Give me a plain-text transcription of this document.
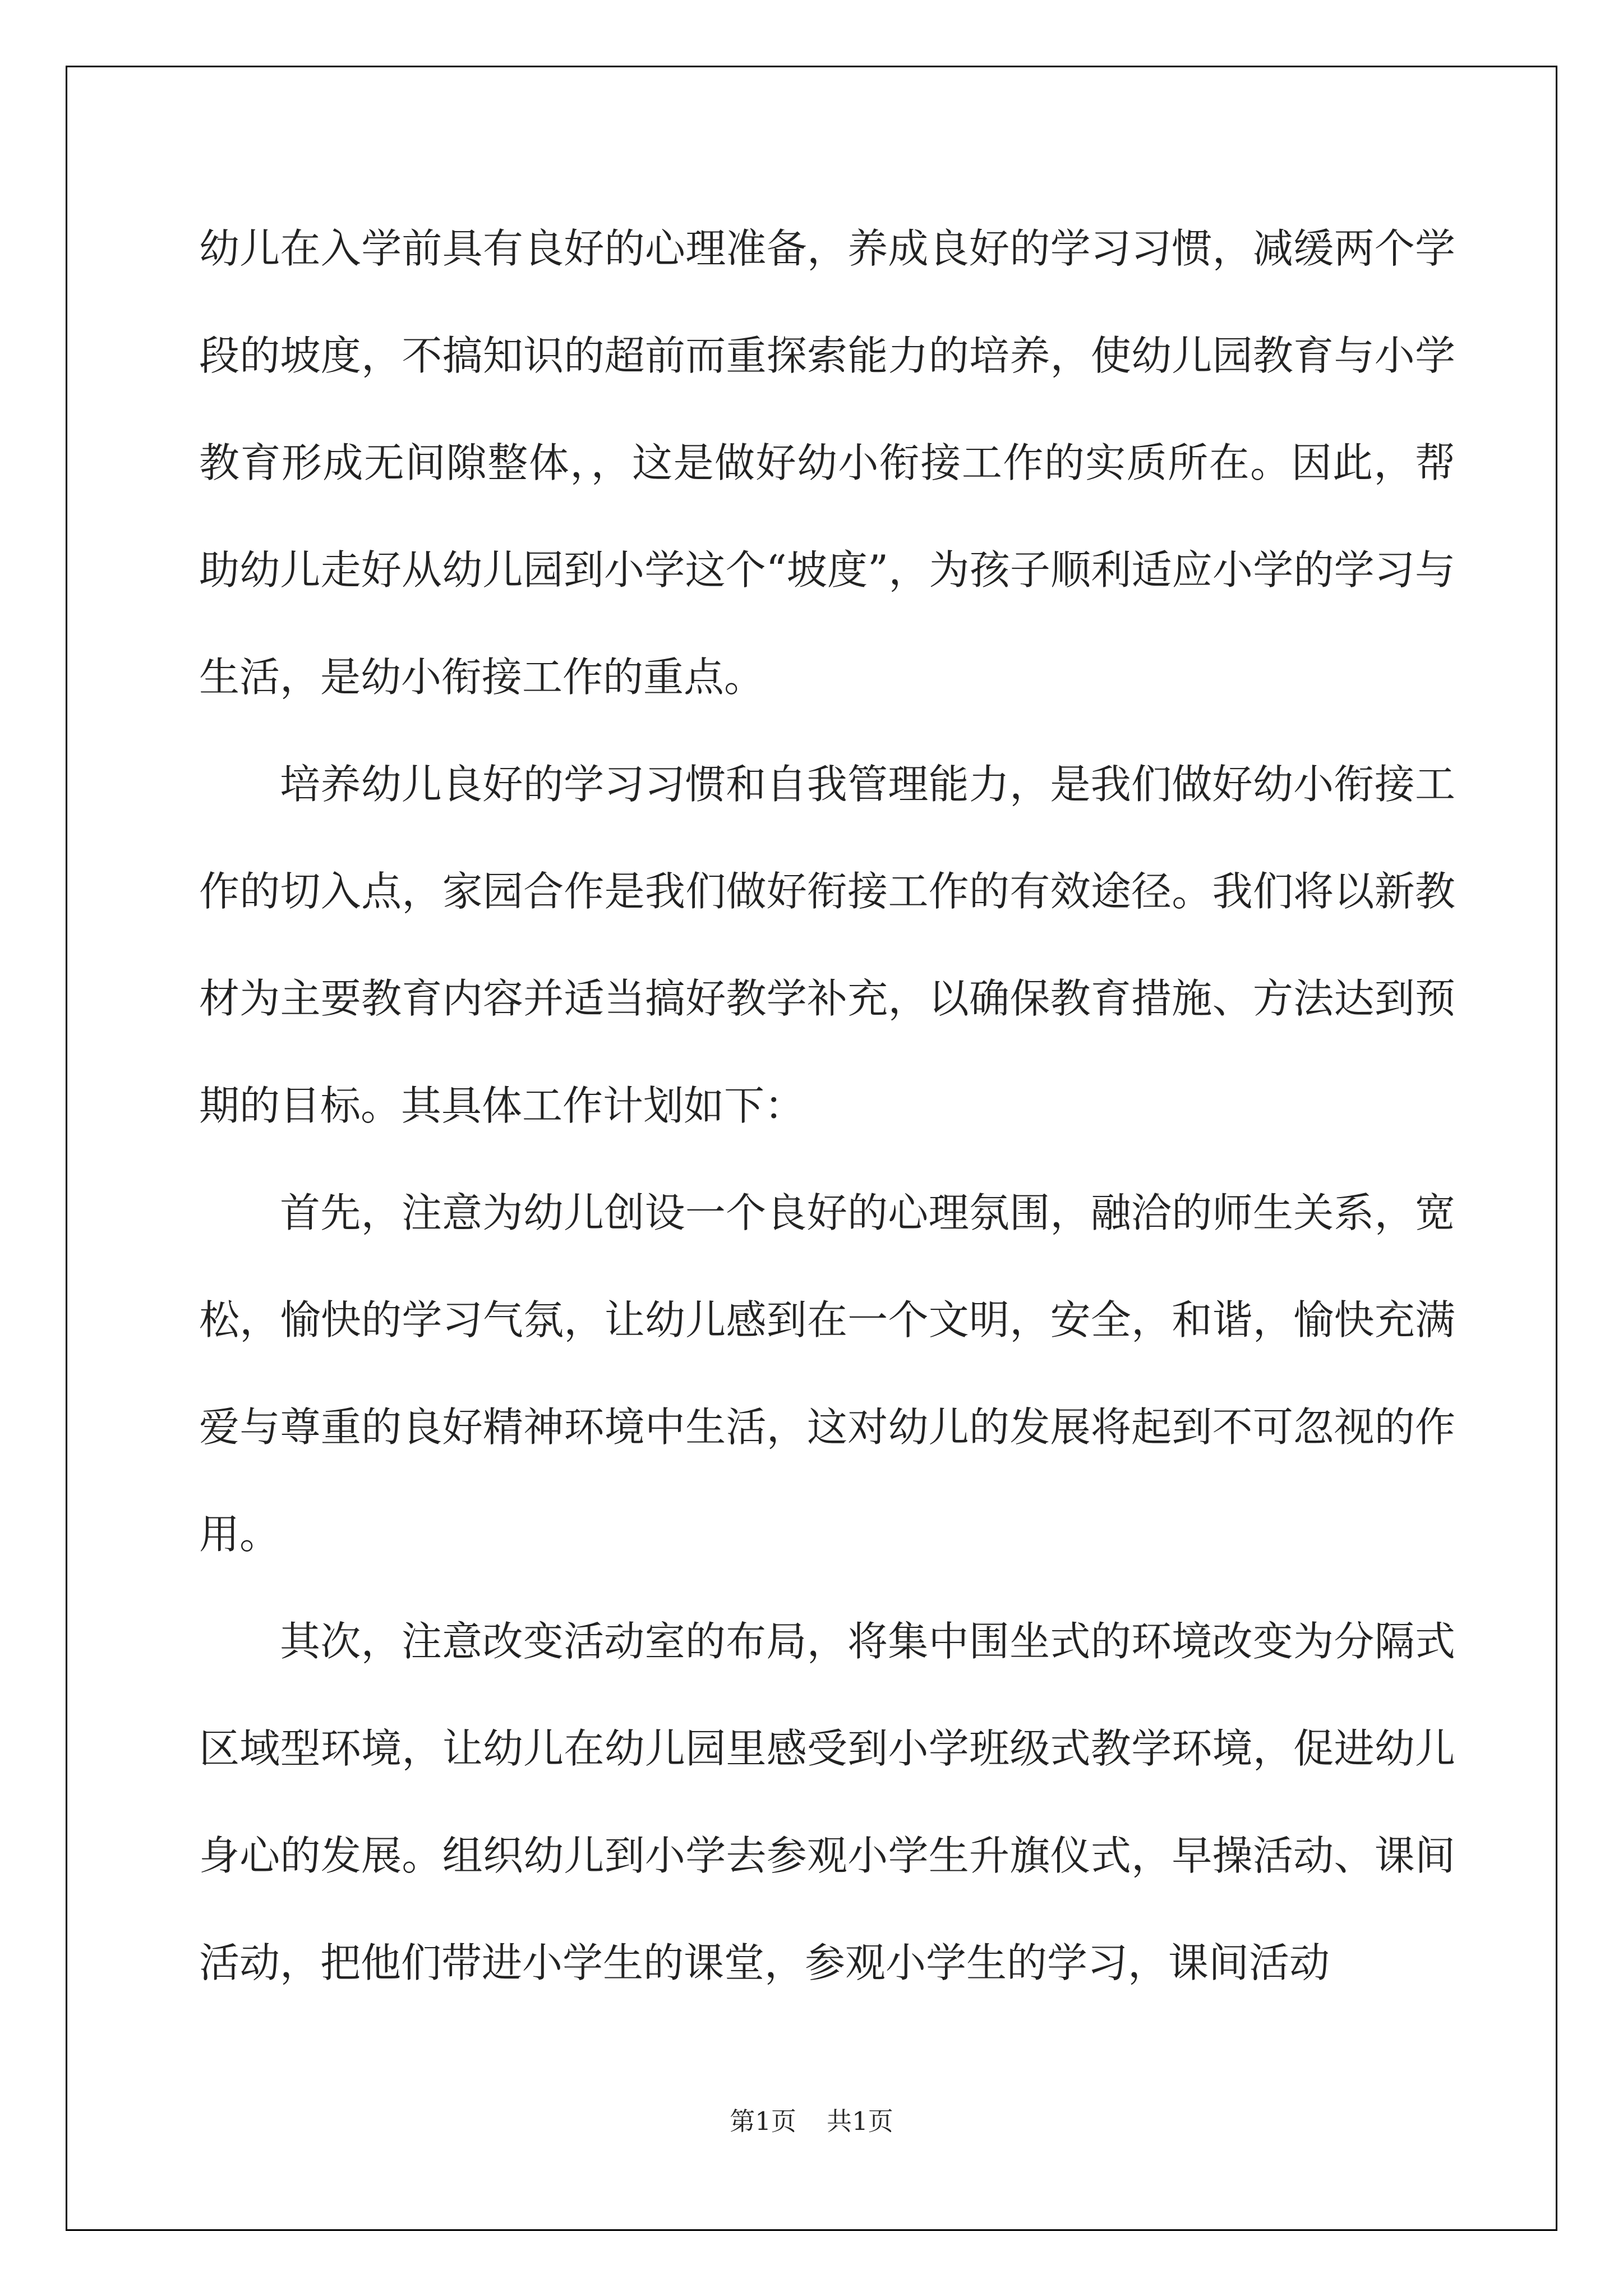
幼儿在入学前具有良好的心理准备，养成良好的学习习惯，减缓两个学段的坡度，不搞知识的超前而重探索能力的培养，使幼儿园教育与小学教育形成无间隙整体，，这是做好幼小衔接工作的实质所在。因此，帮助幼儿走好从幼儿园到小学这个“坡度”，为孩子顺利适应小学的学习与生活，是幼小衔接工作的重点。

培养幼儿良好的学习习惯和自我管理能力，是我们做好幼小衔接工作的切入点，家园合作是我们做好衔接工作的有效途径。我们将以新教材为主要教育内容并适当搞好教学补充，以确保教育措施、方法达到预期的目标。其具体工作计划如下：

首先，注意为幼儿创设一个良好的心理氛围，融洽的师生关系，宽松，愉快的学习气氛，让幼儿感到在一个文明，安全，和谐，愉快充满爱与尊重的良好精神环境中生活，这对幼儿的发展将起到不可忽视的作用。

其次，注意改变活动室的布局，将集中围坐式的环境改变为分隔式区域型环境，让幼儿在幼儿园里感受到小学班级式教学环境，促进幼儿身心的发展。组织幼儿到小学去参观小学生升旗仪式，早操活动、课间活动，把他们带进小学生的课堂，参观小学生的学习，课间活动

第1页 共1页
